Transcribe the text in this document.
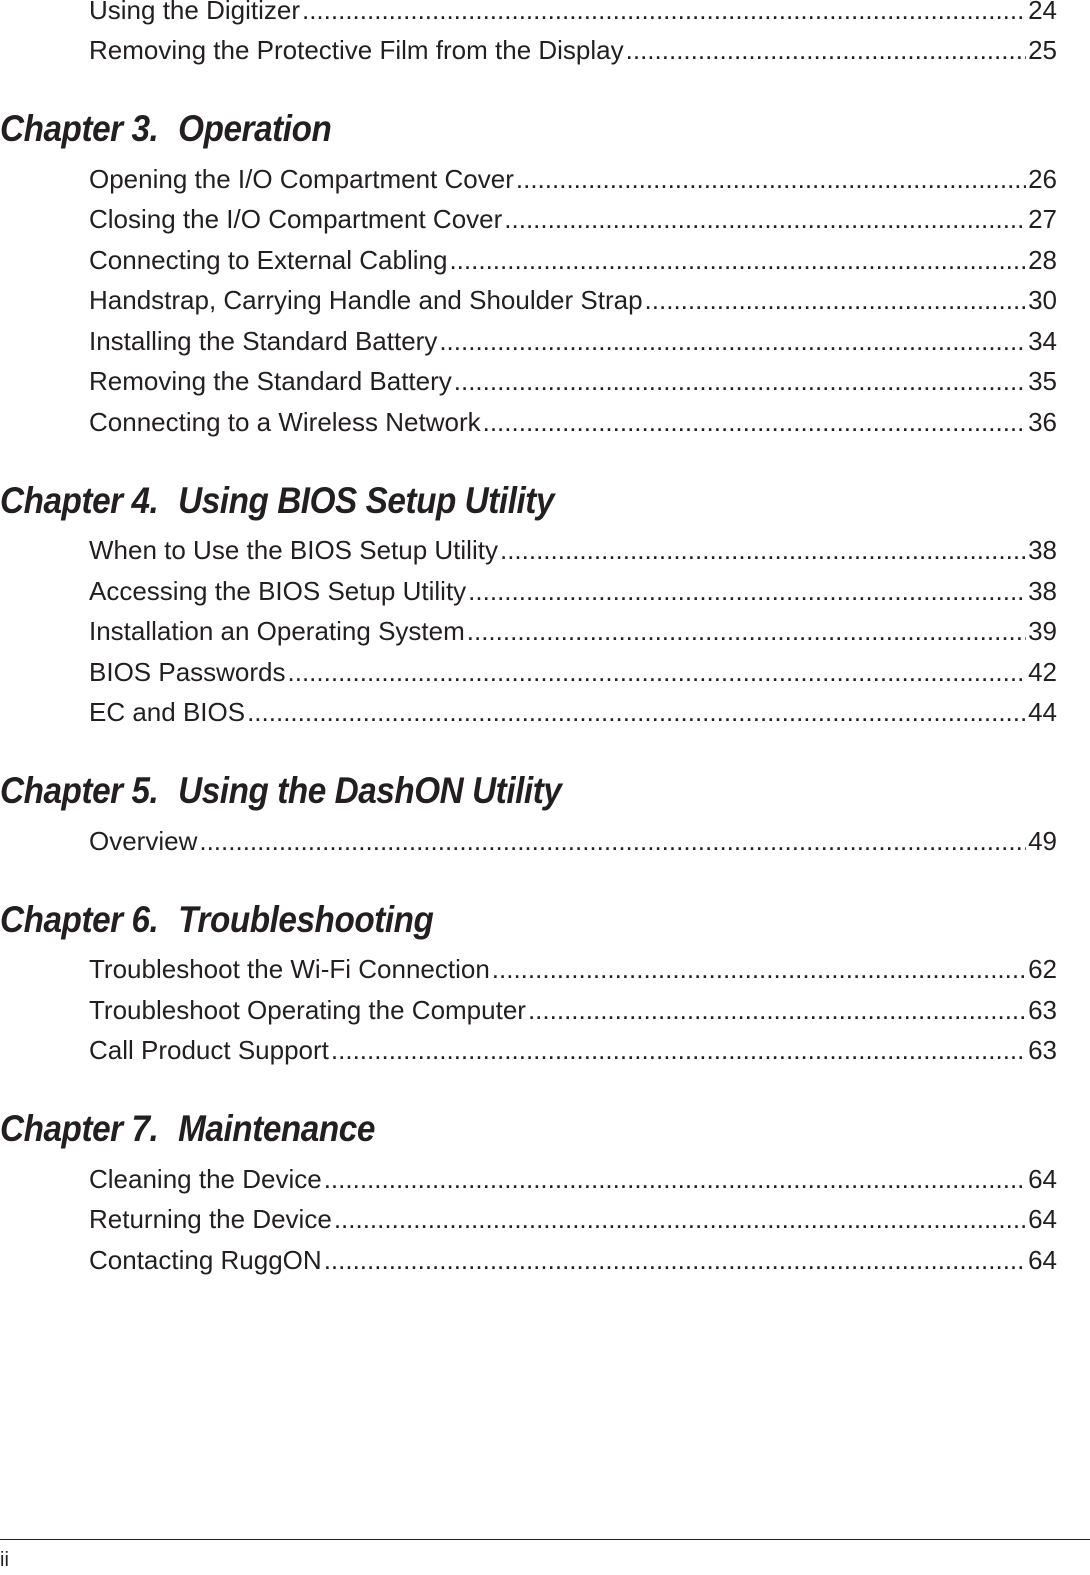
Using the Digitizer .....	24
Removing the Protective Film from the Display .....	25
Chapter 3. Operation
Opening the I/O Compartment Cover .....	26
Closing the I/O Compartment Cover .....	27
Connecting to External Cabling .....	28
Handstrap, Carrying Handle and Shoulder Strap .....	30
Installing the Standard Battery .....	34
Removing the Standard Battery .....	35
Connecting to a Wireless Network .....	36
Chapter 4. Using BIOS Setup Utility
When to Use the BIOS Setup Utility .....	38
Accessing the BIOS Setup Utility .....	38
Installation an Operating System .....	39
BIOS Passwords .....	42
EC and BIOS .....	44
Chapter 5. Using the DashON Utility
Overview .....	49
Chapter 6. Troubleshooting
Troubleshoot the Wi-Fi Connection .....	62
Troubleshoot Operating the Computer .....	63
Call Product Support .....	63
Chapter 7. Maintenance
Cleaning the Device .....	64
Returning the Device .....	64
Contacting RuggON .....	64
ii
